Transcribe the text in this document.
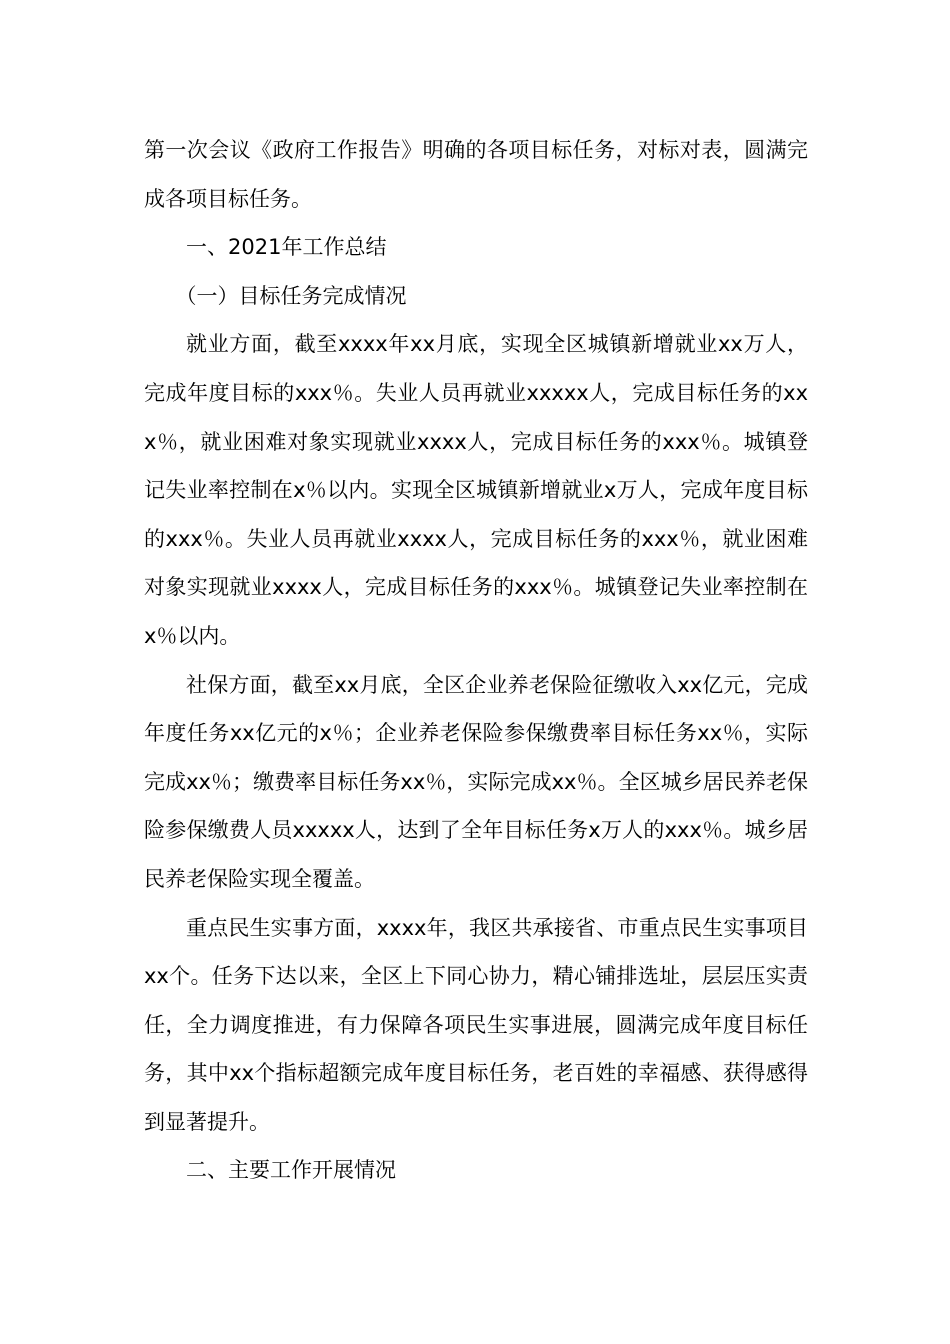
第一次会议《政府工作报告》明确的各项目标任务，对标对表，圆满完成各项目标任务。

一、2021年工作总结

（一）目标任务完成情况

就业方面，截至xxxx年xx月底，实现全区城镇新增就业xx万人，完成年度目标的xxx％。失业人员再就业xxxxx人，完成目标任务的xxx％，就业困难对象实现就业xxxx人，完成目标任务的xxx％。城镇登记失业率控制在x％以内。实现全区城镇新增就业x万人，完成年度目标的xxx％。失业人员再就业xxxx人，完成目标任务的xxx％，就业困难对象实现就业xxxx人，完成目标任务的xxx％。城镇登记失业率控制在x％以内。

社保方面，截至xx月底，全区企业养老保险征缴收入xx亿元，完成年度任务xx亿元的x％；企业养老保险参保缴费率目标任务xx％，实际完成xx％；缴费率目标任务xx％，实际完成xx％。全区城乡居民养老保险参保缴费人员xxxxx人，达到了全年目标任务x万人的xxx％。城乡居民养老保险实现全覆盖。

重点民生实事方面，xxxx年，我区共承接省、市重点民生实事项目xx个。任务下达以来，全区上下同心协力，精心铺排选址，层层压实责任，全力调度推进，有力保障各项民生实事进展，圆满完成年度目标任务，其中xx个指标超额完成年度目标任务，老百姓的幸福感、获得感得到显著提升。

二、主要工作开展情况
